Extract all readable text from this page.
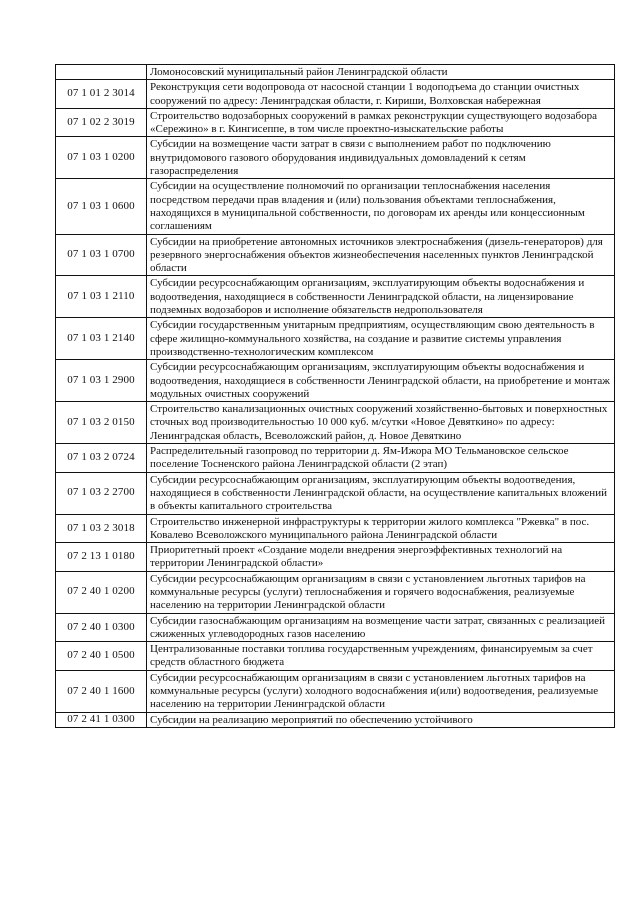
	Ломоносовский муниципальный район Ленинградской области
07 1 01 2 3014	Реконструкция сети водопровода от насосной станции 1 водоподъема до станции очистных сооружений по адресу: Ленинградская области, г. Кириши, Волховская набережная
07 1 02 2 3019	Строительство водозаборных сооружений в рамках реконструкции существующего водозабора «Сережино» в г. Кингисеппе, в том числе проектно-изыскательские работы
07 1 03 1 0200	Субсидии на возмещение части затрат в связи с выполнением работ по подключению внутридомового газового оборудования индивидуальных домовладений к сетям газораспределения
07 1 03 1 0600	Субсидии на осуществление полномочий по организации теплоснабжения населения посредством передачи прав владения и (или) пользования объектами теплоснабжения, находящихся в муниципальной собственности, по договорам их аренды или концессионным соглашениям
07 1 03 1 0700	Субсидии на приобретение автономных источников электроснабжения (дизель-генераторов) для резервного энергоснабжения объектов жизнеобеспечения населенных пунктов Ленинградской области
07 1 03 1 2110	Субсидии ресурсоснабжающим организациям, эксплуатирующим объекты водоснабжения и водоотведения, находящиеся в собственности Ленинградской области, на лицензирование подземных водозаборов и исполнение обязательств недропользователя
07 1 03 1 2140	Субсидии государственным унитарным предприятиям, осуществляющим свою деятельность в сфере жилищно-коммунального хозяйства, на создание и развитие системы управления производственно-технологическим комплексом
07 1 03 1 2900	Субсидии ресурсоснабжающим организациям, эксплуатирующим объекты водоснабжения и водоотведения, находящиеся в собственности Ленинградской области, на приобретение и монтаж модульных очистных сооружений
07 1 03 2 0150	Строительство канализационных очистных сооружений хозяйственно-бытовых и поверхностных сточных вод производительностью 10 000 куб. м/сутки «Новое Девяткино» по адресу: Ленинградская область, Всеволожский район, д. Новое Девяткино
07 1 03 2 0724	Распределительный газопровод по территории д. Ям-Ижора МО Тельмановское сельское поселение Тосненского района Ленинградской области (2 этап)
07 1 03 2 2700	Субсидии ресурсоснабжающим организациям, эксплуатирующим объекты водоотведения, находящиеся в собственности Ленинградской области, на осуществление капитальных вложений в объекты капитального строительства
07 1 03 2 3018	Строительство инженерной инфраструктуры к территории жилого комплекса "Ржевка" в пос. Ковалево Всеволожского муниципального района Ленинградской области
07 2 13 1 0180	Приоритетный проект «Создание модели внедрения энергоэффективных технологий на территории Ленинградской области»
07 2 40 1 0200	Субсидии ресурсоснабжающим организациям в связи с установлением льготных тарифов на коммунальные ресурсы (услуги) теплоснабжения и горячего водоснабжения, реализуемые населению на территории Ленинградской области
07 2 40 1 0300	Субсидии газоснабжающим организациям на возмещение части затрат, связанных с реализацией сжиженных углеводородных газов населению
07 2 40 1 0500	Централизованные поставки топлива государственным учреждениям, финансируемым за счет средств областного бюджета
07 2 40 1 1600	Субсидии ресурсоснабжающим организациям в связи с установлением льготных тарифов на коммунальные ресурсы (услуги) холодного водоснабжения и(или) водоотведения, реализуемые населению на территории Ленинградской области
07 2 41 1 0300	Субсидии на реализацию мероприятий по обеспечению устойчивого
